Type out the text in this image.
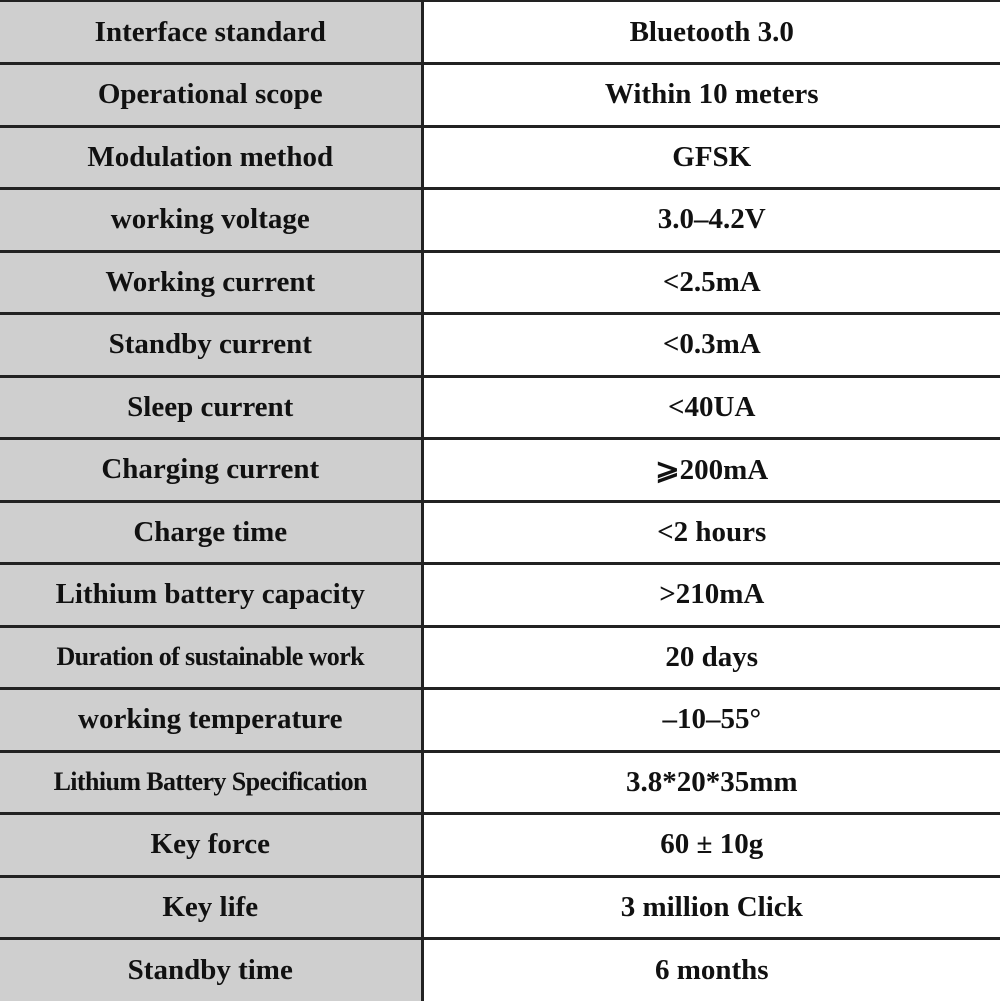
Interface standard	Bluetooth 3.0
Operational scope	Within 10 meters
Modulation method	GFSK
working voltage	3.0–4.2V
Working current	<2.5mA
Standby current	<0.3mA
Sleep current	<40UA
Charging current	⩾200mA
Charge time	<2 hours
Lithium battery capacity	>210mA
Duration of sustainable work	20 days
working temperature	–10–55°
Lithium Battery Specification	3.8*20*35mm
Key force	60 ± 10g
Key life	3 million Click
Standby time	6 months
